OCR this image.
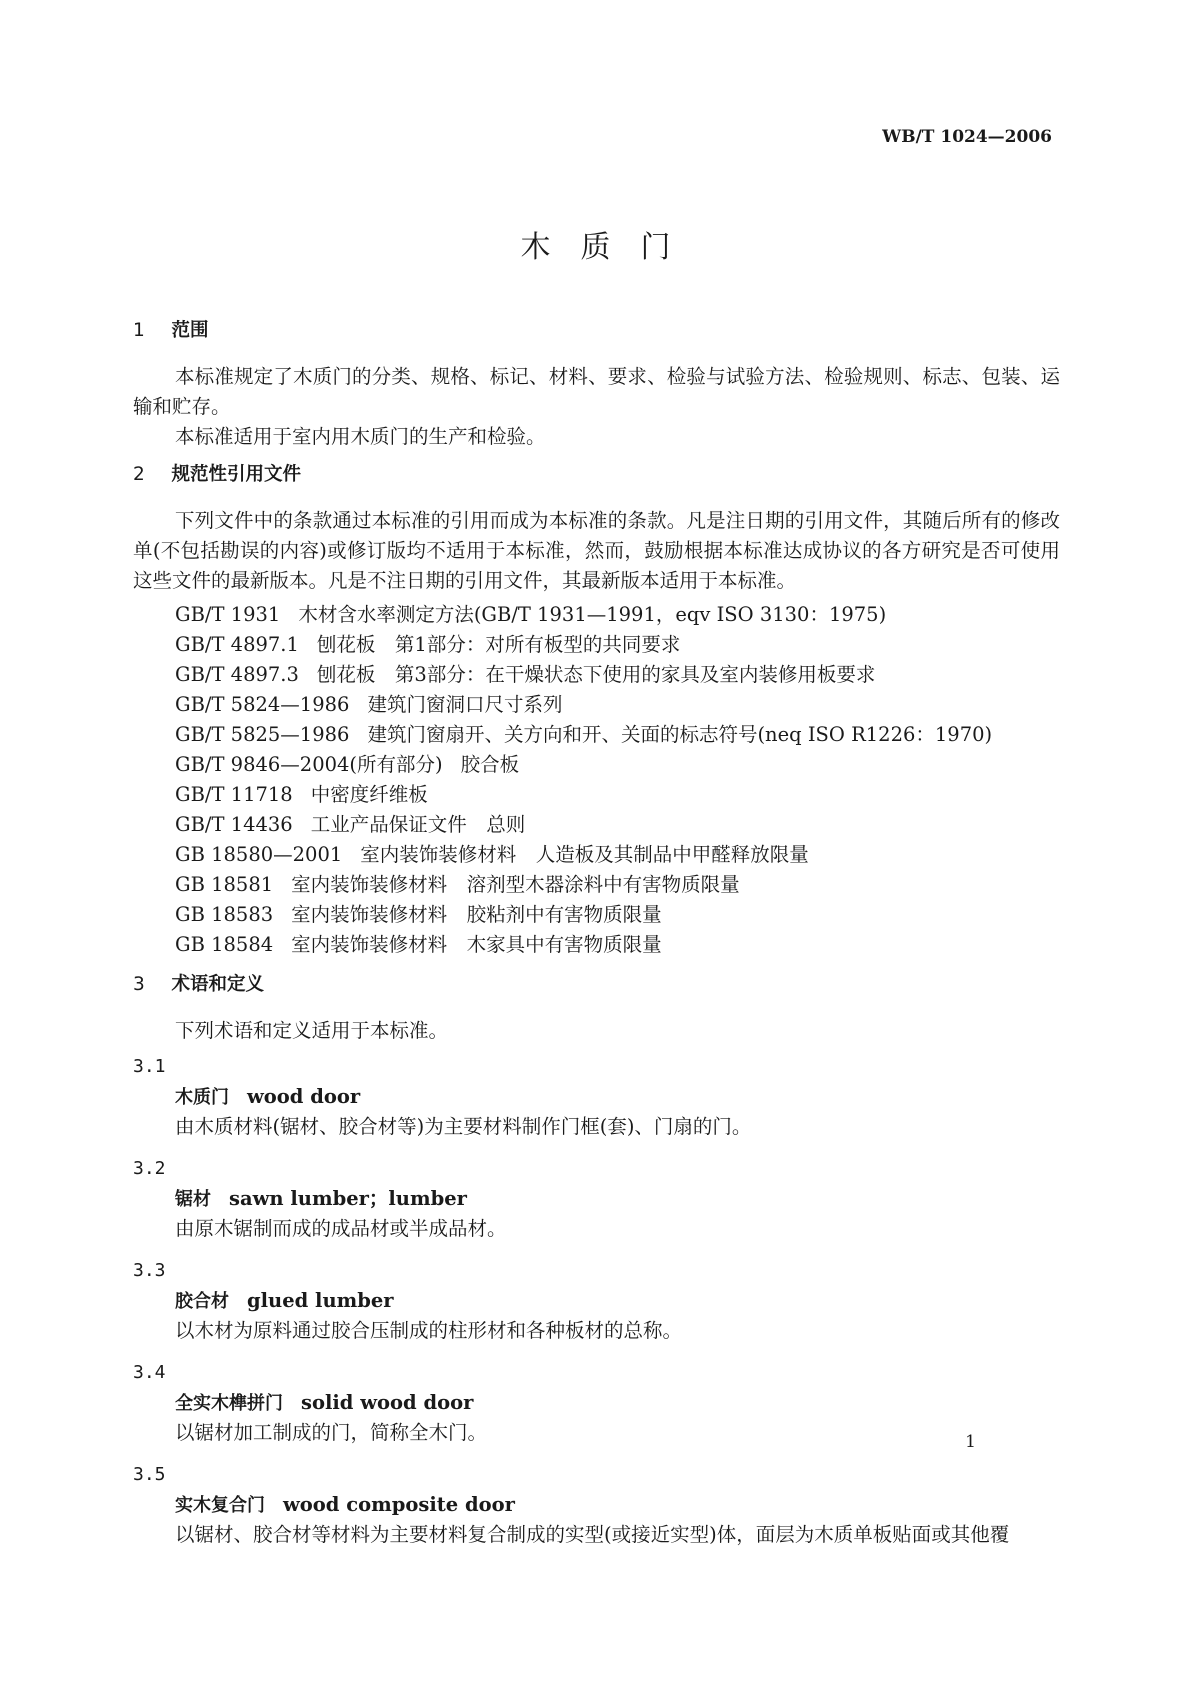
WB/T 1024—2006
木　质　门
1 范围

本标准规定了木质门的分类、规格、标记、材料、要求、检验与试验方法、检验规则、标志、包装、运输和贮存。

本标准适用于室内用木质门的生产和检验。

2 规范性引用文件

下列文件中的条款通过本标准的引用而成为本标准的条款。凡是注日期的引用文件，其随后所有的修改单(不包括勘误的内容)或修订版均不适用于本标准，然而，鼓励根据本标准达成协议的各方研究是否可使用这些文件的最新版本。凡是不注日期的引用文件，其最新版本适用于本标准。

GB/T 1931 木材含水率测定方法(GB/T 1931—1991，eqv ISO 3130：1975)
GB/T 4897.1 刨花板　第1部分：对所有板型的共同要求
GB/T 4897.3 刨花板　第3部分：在干燥状态下使用的家具及室内装修用板要求
GB/T 5824—1986 建筑门窗洞口尺寸系列
GB/T 5825—1986 建筑门窗扇开、关方向和开、关面的标志符号(neq ISO R1226：1970)
GB/T 9846—2004(所有部分) 胶合板
GB/T 11718 中密度纤维板
GB/T 14436 工业产品保证文件　总则
GB 18580—2001 室内装饰装修材料　人造板及其制品中甲醛释放限量
GB 18581 室内装饰装修材料　溶剂型木器涂料中有害物质限量
GB 18583 室内装饰装修材料　胶粘剂中有害物质限量
GB 18584 室内装饰装修材料　木家具中有害物质限量
3 术语和定义

下列术语和定义适用于本标准。

3.1
木质门 wood door
由木质材料(锯材、胶合材等)为主要材料制作门框(套)、门扇的门。
3.2
锯材 sawn lumber；lumber
由原木锯制而成的成品材或半成品材。
3.3
胶合材 glued lumber
以木材为原料通过胶合压制成的柱形材和各种板材的总称。
3.4
全实木榫拼门 solid wood door
以锯材加工制成的门，简称全木门。
3.5
实木复合门 wood composite door
以锯材、胶合材等材料为主要材料复合制成的实型(或接近实型)体，面层为木质单板贴面或其他覆
1
